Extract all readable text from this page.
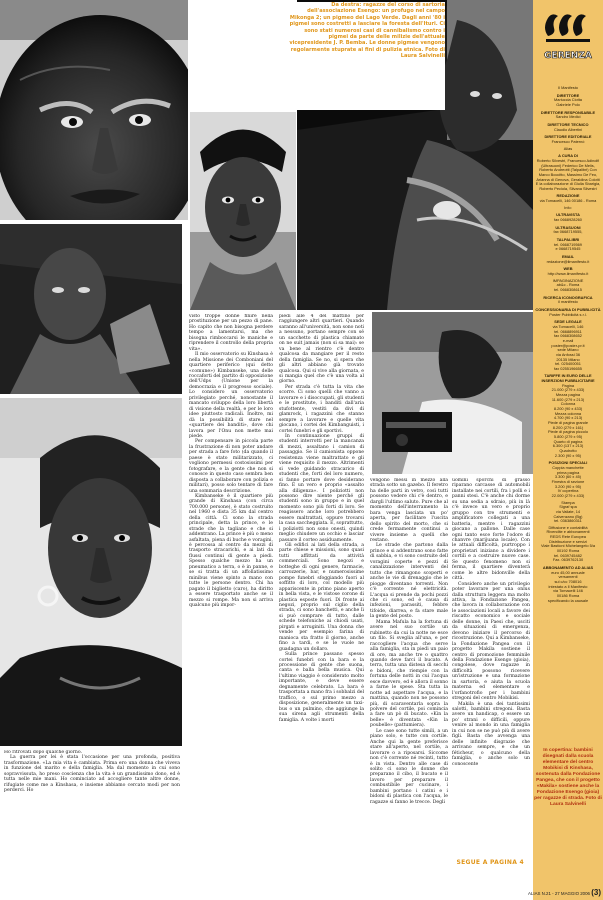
Da destra: ragazze del corso di sartoria dell'associazione Esengo: un profugo nel campo Mikonga 2; un pigmeo del Lago Verde. Dagli anni '80 i pigmei sono costretti a lasciare la foresta dell'Ituri. Ci sono stati numerosi casi di cannibalismo contro i pigmei da parte delle milizie dell'attuale vicepresidente J. P. Bemba. Le donne pigmee vengono regolarmente stuprate ai fini di pulizia etnica. Foto di Laura Salvinelli

Ho ritrovati dopo qualche giorno.

La guerra per lei è stata l'occasione per una profonda, positiva trasformazione. «La mia vita è cambiata. Prima ero una donna che viveva in funzione del marito e della famiglia. Ma dal momento in cui sono sopravvissuta, ho preso coscienza che la vita è un grandissimo dono, ed è tutta nelle mie mani. Ho cominciato ad accogliere tante altre donne, rifugiate come me a Kinshasa, e insieme abbiamo cercato modi per non perderci. Ho

visto troppe donne finire nella prostituzione per un pezzo di pane. Ho capito che non bisogna perdere tempo a lamentarsi, ma che bisogna rimboccarsi le maniche e riprendere il controllo della propria vita».

Il mio osservatorio su Kinshasa è nella Missione dei Comboniani del quartiere periferico (qui detto «comune») Kimbanseke, una delle roccaforti del partito di opposizione dell'Udps (Unione per la democrazia e il progresso sociale). Lo considero un osservatorio privilegiato perché, nonostante il mancato sviluppo della loro libertà di visione della realtà, e per le loro idee piuttosto radicali. Inoltre, mi dà la possibilità di stare nel «quartiere dei banditi», dove chi lavora per l'Onu non mette mai piede.

Per compensare in piccola parte la frustrazione di non poter andare per strada a fare foto (da quando il paese è stato militarizzato, ci vogliono permessi costosissimi per fotografare, e la gente che non si conosce in questo caso sembra ben disposta a collaborare con polizia e militari), posso solo tentare di fare una sommaria descrizione.

Kimbanseke è il quartiere più grande di Kinshasa (con circa 700.000 persone), è stato costruito nel 1960 e dista 35 km dal centro della città. Ci sono la strada principale, detta la prince, e le strade che la tagliano e che si addentrano. La prince è più o meno asfaltata, piena di buche e voragini, è percossa al centro da mezzi di trasporto stracarichi, e ai lati da flussi continui di gente a piedi. Spesso qualche mezzo ha un pneumatico a terra, o è in panne, e se si tratta di un affollatissimo minibus viene spinto a mano con tutte le persone dentro. Chi ha pagato il biglietto (caro), ha diritto a essere trasportato anche se il mezzo si rompe. Ma non si arriva qualcuno più impor-

piedi alle 4 del mattino per raggiungere altri quartieri. Quando saranno all'università, non sono noti a nessuno, portano sempre con sé un sacchetto di plastica chiamato on ne suit jamais (non si sa mai): se va bene al rientro c'è dentro qualcosa da mangiare per il resto della famiglia. Se no, si spera che gli altri abbiano già trovato qualcosa. Qui si vive alla giornata, e si mangia quel che c'è una volta al giorno.

Per strada c'è tutta la vita che scorre. Ci sono quelli che vanno a lavorare e i disoccupati, gli studenti e le prostitute, i banditi dall'aria stufottente, vestiti da divi di glamrock, i ragazzini che stanno sempre a lavorare e quelle vita giocano, i cortei dei Kimbanguisti, i cortei funebri e gli sportivi.

In continuazione gruppi di studenti interrotti per la mancanza di mezzi, assaltano i camion di passaggio. Se il camionista oppone resistenza viene maltrattato e gli viene requisito il mezzo. Altrimenti si vede guidando stracarico di studenti che, forti del loro numero, si fanno portare dove desiderano fino. È un vero e proprio «assalto alla diligenza». I poliziotti non possono dire niente perché gli studenti sono in gruppo e in quel momento sono più forti di loro. Se reagissero anche loro potrebbero essere maltrattati, oppure trovarsi la casa saccheggiata. E, soprattutto, i poliziotti non sono onesti, quindi meglio chiudere un occhio e lasciar passare il corteo assiduamente.

Gli edifici ai lati della strada, a parte chiese e missioni, sono quasi tutti affittati da attività commerciali. Sono negozi e botteghe di ogni genere, farmacie, carrozzerie, bar, e numerosissime pompe funebri sfoggiando fuori al soffitto di loro, col modello più appariscente in primo piano aperto in bella vista, e le vistose corone di plastica esposte fuori. Di fronte ai negozi, proprio sul ciglio della strada, ci sono banchetti, e anche lì si può comprare di tutto, dalle schede telefoniche ai chiodi usati, pirgati e arruginiti. Una donna che vende per esempio farina di manioca sta fratto il giorno, anche fino a tardi, e se le vuole ne guadagna un dollaro.

Sulla prince passano spesso cortei funebri con la bara e la processione di gente che suona, canta e balla bella musica. Qui l'ultimo viaggio è considerato molto importante, e deve essere degnamente celebrato. La bara è trasportata a mano fra i sobbalzi del traffico, o sul primo mezzo a disposizione, generalmente un taxi-bus o un pulmino, che aggiunge la sua sirena agli strumenti della famiglia. A volte i morti

vengono messi in mezzo alla strada sotto un gazebo. Il feretro ha delle parti in vetro, così tutti possono vedere chi c'è dentro, e dargli l'ultimo saluto. Pure che al momento dell'interramento la bara venga lasciata un po' aperta, per facilitare l'uscita dello spirito del morto, che si crede fermamente continui a vivere insieme a quelli che restano.

Le strade che partono dalla prince e si addentrano sono fatte di sabbia, e vi sono costruite dell voragini coperte e pezzi di canalizzazione interventi del tutto che rimangono scoperti e anche le vie di drenaggio che le piogge diventano torrenti. Non c'è corrente né elettricità. L'acqua si prende da pochi pozzi che ci sono, ed è causa di infezioni, parassiti, febbre tifoide, diarrea, e fa stare male la gente del posto.

Mama Mafula ha la fortuna di avere nel suo cortile un rubinetto da cui la notte ne esce un filo. Si sveglia all'una, e per raccogliere l'acqua che serve alla famiglia, sta in piedi un paio di ore, ma anche tre o quattro quando deve farci il bucato. A terra, tutta una distesa di secchi e bidoni, che riempie con la fortuna delle notti in cui l'acqua esce davvero, ed è allora il sonno a farne le spese. Sta tutta la notte ad aspettare l'acqua, e la mattina, quando non ne possono più, di scaraventarla sopra la polvere del cortile, poi comincia a fare un pò di bucato. «Kin la belle» è diventata «Kin la poubelle» (pattumiera).

Le case sono tutte simili, a un piano solo, e tutte con cortile. Anche qui la gente preferisce stare all'aperto, nel cortile, a lavorare o a riposarsi. Siccome non c'è corrente né recinti, tutto è in vista. Dentro alle case di solito ci sono le donne che preparano il cibo, il bucato e il lavoro per preparare il combustibile per cucinare, i bambini portano i catini e i bidoni di plastica con l'acqua, le ragazze si fanno le trecce. Degli

uomini sporchi di grasso riparano carcasse di automobili installate nei cortili, fra i polli e i panni stesi. C'è anche chi dorme su una sedia a sdraio, più in là c'è invece un vero e proprio gruppo con tre strumenti e amplificatore collegati a una batteria, mentre i ragazzini giocano a pallone. Dalle case ogni tanto esce forte l'odore di chanvre (marijuana locale). Con le attuali difficoltà, purtroppo i proprietari iniziano a dividere i cortili e a costruire nuove case. Se questo fenomeno non si ferma, il quartiere diventerà come le altre bidonville della città.

Considero anche un privilegio poter lavorare per una onlus dalla struttura leggera ma molto attiva, la Fondazione Pangea, che lavora in collaborazione con le associazioni locali a favore dei riscatto economico e sociale delle donne, in Paesi che, usciti da situazioni di emergenza, devono iniziare il percorso di ricostruzione. Qui a Kimbanseke, la Fondazione Pangea con il progetto Makila sostiene il centro di promozione femminile della Fondazione Esengo (gioia), congolese, dove ragazze in difficoltà possono ricevere un'istruzione e una formazione in sartoria, e aiuta la scuola materna ed elementare e l'orfanotrofio per i bambini stregoni del centro Mobikisi.

Makila è una dei tantissimi salotti, bambini stregoni. Basta avere un handicap, o essere un po' strani o difficili, oppure venire al mondo in una famiglia in cui non se ne può più di avere figli. Basta che avvenga una delle infinite disgrazie che arrivano sempre, e che un féticheur, o qualcuno della famiglia, o anche solo un conoscente

SEGUE A PAGINA 4
GERENZA
Il Manifesto
DIRETTORE
Mariuccia Ciotta
Gabriele Polo
DIRETTORE RESPONSABILE
Sandro Medici
DIRETTORE TECNICO
Claudio Albertini
DIRETTORE EDITORIALE
Francesco Paternò
Alias
A CURA DI
Roberto Silvestri, Francesco Adinolfi (Ultrasuoni) Federico De Melis, Roberto Andreotti (Talpalibri) Con Marco Boccitto, Massimo De Feo, Arianna di Genova, Geraldina Colotti
E la collaborazione di Giulia Sbarigia, Roberto Peciola, Silvana Silvestri
REDAZIONE
via Tomacelli, 146 00186 - Roma
Info:
ULTRAVISTA
fax 0668928260
ULTRASUONI
fax 0668719555,
TALPALIBRI
tel. 0668719569
e 0668719545
EMAIL
redazione@ilmanifesto.it
WEB
http://www.ilmanifesto.it
IMPAGINAZIONE
ab&c - Roma
tel. 0668308615
RICERCA ICONOGRAFICA
il manifesto
CONCESSIONARIA DI PUBBLICITÀ
Poster Pubblicità s.r.l.
SEDE LEGALE
via Tomacelli, 146
tel. 0668896911
fax 0668308652
e-mail
poster@poster-pr.it
sede Milano
via Anfossi 36
20135 Milano
tel. 025400051
fax 0255196655
TARIFFE IN EURO DELLE INSERZIONI PUBBLICITARIE
Pagina
21.000 (279 x 433)
Mezza pagina
11.600 (279 x 213)
Colonna
8.200 (90 x 433)
Mezza colonna
4.700 (90 x 213)
Piede di pagina grande
8.200 (279 x 161)
Piede di pagina piccolo
5.800 (279 x 95)
Quarto di pagina
6.300 (137 x 213)
Quadrotto
2.300 (90 x 95)
POSIZIONI SPECIALI
Coppia manchette
prima pagina
3.300 (60 x 45)
Finestra di sezione
3.200 (90 x 95)
IV copertina
22.000 (279 x 433)
Stampa
Sigraf spa
via Vailate, 14
Calvenzano (Bg)
tel. 0363860311
Diffusione e contabilità
Rivendite e abbonamenti
REDS Rete Europea
Distribuzione e servizi
Viale Bastioni Michelangelo 5/a
00192 Roma
tel. 0639745482
Fax. 0639762130
ABBONAMENTO AD ALIAS
euro 45,00 annuale
versamenti
sul c/cc 708016
intestato a Il Manifesto
via Tomacelli 146
00186 Roma
specificando la causale
In copertina: bambini disegnati dalla scuola elementare del centro Mobikisi di Kinshasa, sostenuta dalla Fondazione Pangea, che con il progetto «Makila» sostiene anche la Fondazione Esengo (gioia) per ragazze di strada. Foto di Laura Salvinelli
ALIAS N.21 - 27 MAGGIO 2006 (3)
